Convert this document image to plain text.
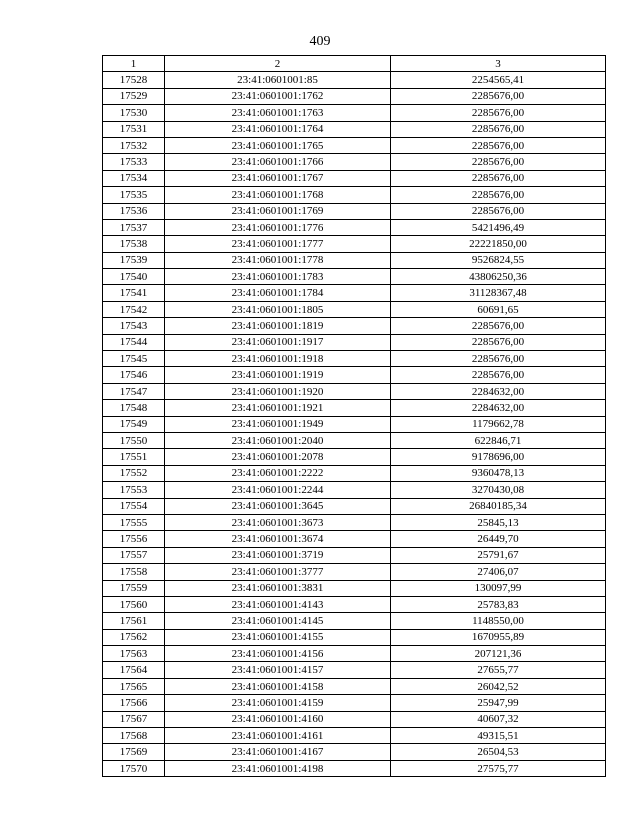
409
1	2	3
17528	23:41:0601001:85	2254565,41
17529	23:41:0601001:1762	2285676,00
17530	23:41:0601001:1763	2285676,00
17531	23:41:0601001:1764	2285676,00
17532	23:41:0601001:1765	2285676,00
17533	23:41:0601001:1766	2285676,00
17534	23:41:0601001:1767	2285676,00
17535	23:41:0601001:1768	2285676,00
17536	23:41:0601001:1769	2285676,00
17537	23:41:0601001:1776	5421496,49
17538	23:41:0601001:1777	22221850,00
17539	23:41:0601001:1778	9526824,55
17540	23:41:0601001:1783	43806250,36
17541	23:41:0601001:1784	31128367,48
17542	23:41:0601001:1805	60691,65
17543	23:41:0601001:1819	2285676,00
17544	23:41:0601001:1917	2285676,00
17545	23:41:0601001:1918	2285676,00
17546	23:41:0601001:1919	2285676,00
17547	23:41:0601001:1920	2284632,00
17548	23:41:0601001:1921	2284632,00
17549	23:41:0601001:1949	1179662,78
17550	23:41:0601001:2040	622846,71
17551	23:41:0601001:2078	9178696,00
17552	23:41:0601001:2222	9360478,13
17553	23:41:0601001:2244	3270430,08
17554	23:41:0601001:3645	26840185,34
17555	23:41:0601001:3673	25845,13
17556	23:41:0601001:3674	26449,70
17557	23:41:0601001:3719	25791,67
17558	23:41:0601001:3777	27406,07
17559	23:41:0601001:3831	130097,99
17560	23:41:0601001:4143	25783,83
17561	23:41:0601001:4145	1148550,00
17562	23:41:0601001:4155	1670955,89
17563	23:41:0601001:4156	207121,36
17564	23:41:0601001:4157	27655,77
17565	23:41:0601001:4158	26042,52
17566	23:41:0601001:4159	25947,99
17567	23:41:0601001:4160	40607,32
17568	23:41:0601001:4161	49315,51
17569	23:41:0601001:4167	26504,53
17570	23:41:0601001:4198	27575,77
